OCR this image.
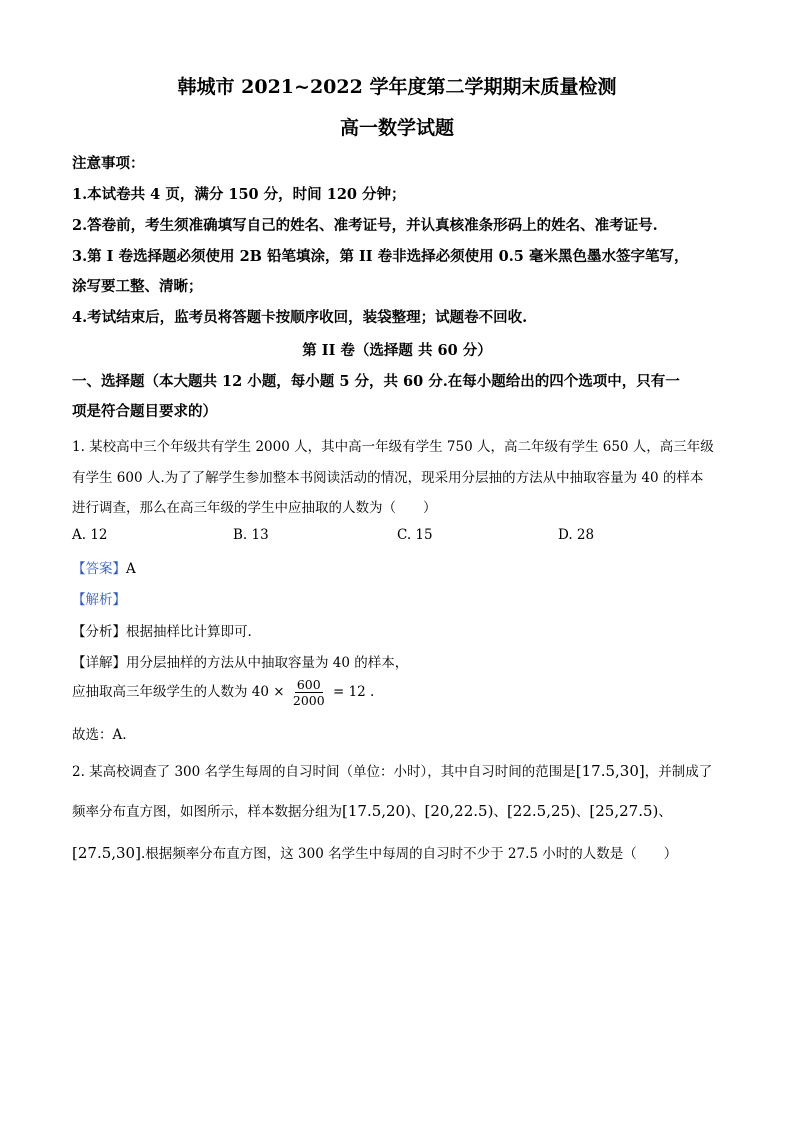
韩城市 2021~2022 学年度第二学期期末质量检测
高一数学试题
注意事项：
1.本试卷共 4 页，满分 150 分，时间 120 分钟；
2.答卷前，考生须准确填写自己的姓名、准考证号，并认真核准条形码上的姓名、准考证号.
3.第 I 卷选择题必须使用 2B 铅笔填涂，第 II 卷非选择必须使用 0.5 毫米黑色墨水签字笔写，
涂写要工整、清晰；
4.考试结束后，监考员将答题卡按顺序收回，装袋整理；试题卷不回收.
第 II 卷（选择题 共 60 分）
一、选择题（本大题共 12 小题，每小题 5 分，共 60 分.在每小题给出的四个选项中，只有一
项是符合题目要求的）
1. 某校高中三个年级共有学生 2000 人，其中高一年级有学生 750 人，高二年级有学生 650 人，高三年级
有学生 600 人.为了了解学生参加整本书阅读活动的情况，现采用分层抽的方法从中抽取容量为 40 的样本
进行调查，那么在高三年级的学生中应抽取的人数为（　　）
A. 12	B. 13	C. 15	D. 28
【答案】A
【解析】
【分析】根据抽样比计算即可.
【详解】用分层抽样的方法从中抽取容量为 40 的样本，
应抽取高三年级学生的人数为 $40 \times \frac{600}{2000} = 12$ .
故选：A.
2. 某高校调查了 300 名学生每周的自习时间（单位：小时），其中自习时间的范围是[17.5,30]，并制成了
频率分布直方图，如图所示，样本数据分组为[17.5,20)、[20,22.5)、[22.5,25)、[25,27.5)、
[27.5,30].根据频率分布直方图，这 300 名学生中每周的自习时不少于 27.5 小时的人数是（　　）
